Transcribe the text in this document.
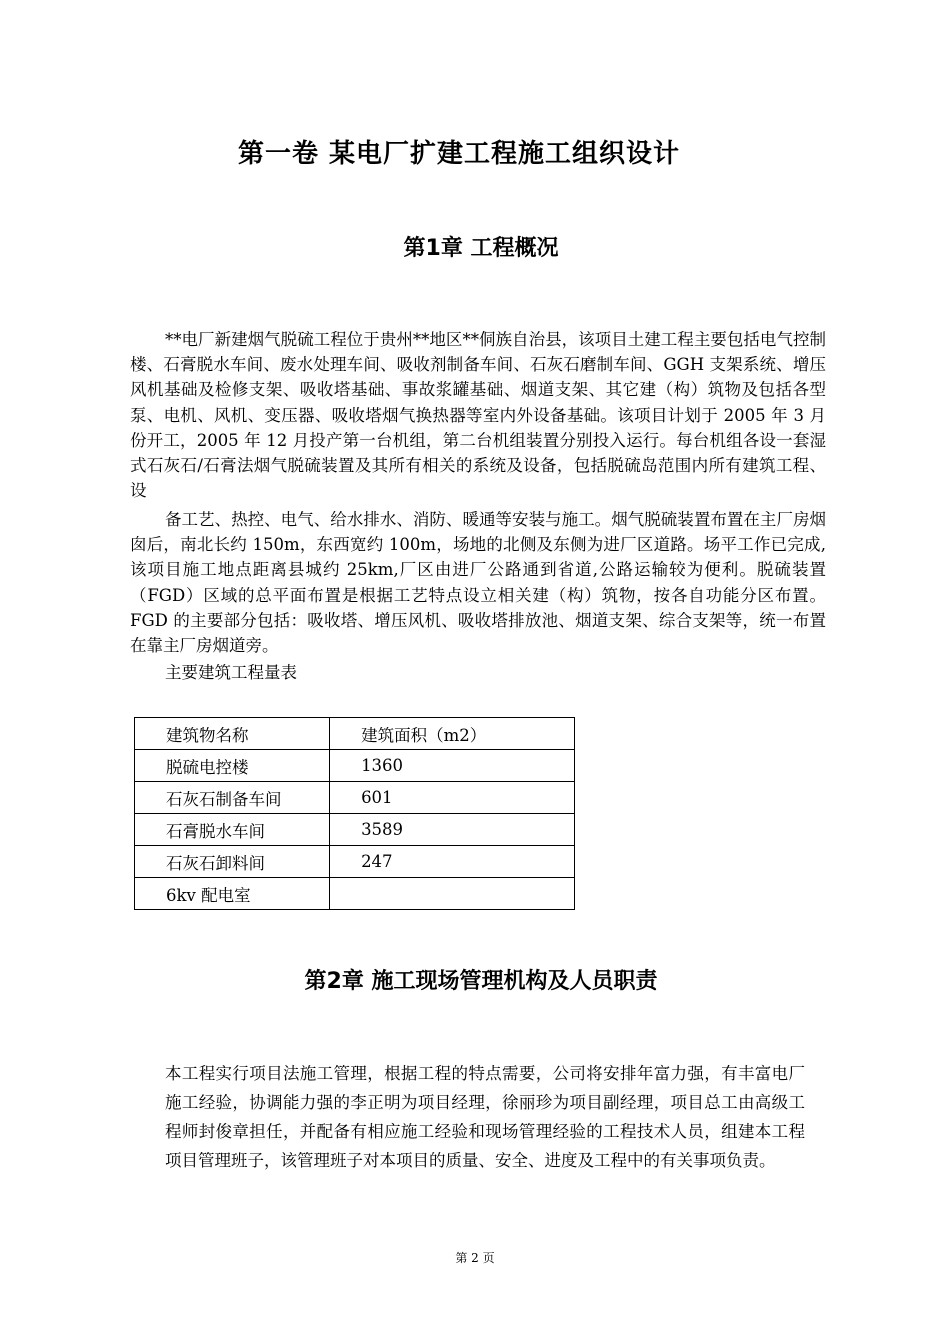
第一卷 某电厂扩建工程施工组织设计
第1章 工程概况

**电厂新建烟气脱硫工程位于贵州**地区**侗族自治县，该项目土建工程主要包括电气控制楼、石膏脱水车间、废水处理车间、吸收剂制备车间、石灰石磨制车间、GGH 支架系统、增压风机基础及检修支架、吸收塔基础、事故浆罐基础、烟道支架、其它建（构）筑物及包括各型泵、电机、风机、变压器、吸收塔烟气换热器等室内外设备基础。该项目计划于 2005 年 3 月份开工，2005 年 12 月投产第一台机组，第二台机组装置分别投入运行。每台机组各设一套湿式石灰石/石膏法烟气脱硫装置及其所有相关的系统及设备，包括脱硫岛范围内所有建筑工程、设

备工艺、热控、电气、给水排水、消防、暖通等安装与施工。烟气脱硫装置布置在主厂房烟囱后，南北长约 150m，东西宽约 100m，场地的北侧及东侧为进厂区道路。场平工作已完成,该项目施工地点距离县城约 25km,厂区由进厂公路通到省道,公路运输较为便利。脱硫装置（FGD）区域的总平面布置是根据工艺特点设立相关建（构）筑物，按各自功能分区布置。FGD 的主要部分包括：吸收塔、增压风机、吸收塔排放池、烟道支架、综合支架等，统一布置在靠主厂房烟道旁。

主要建筑工程量表

建筑物名称	建筑面积（m2）
脱硫电控楼	1360
石灰石制备车间	601
石膏脱水车间	3589
石灰石卸料间	247
6kv 配电室	
第2章 施工现场管理机构及人员职责

本工程实行项目法施工管理，根据工程的特点需要，公司将安排年富力强，有丰富电厂施工经验，协调能力强的李正明为项目经理，徐丽珍为项目副经理，项目总工由高级工程师封俊章担任，并配备有相应施工经验和现场管理经验的工程技术人员，组建本工程项目管理班子，该管理班子对本项目的质量、安全、进度及工程中的有关事项负责。

第 2 页
